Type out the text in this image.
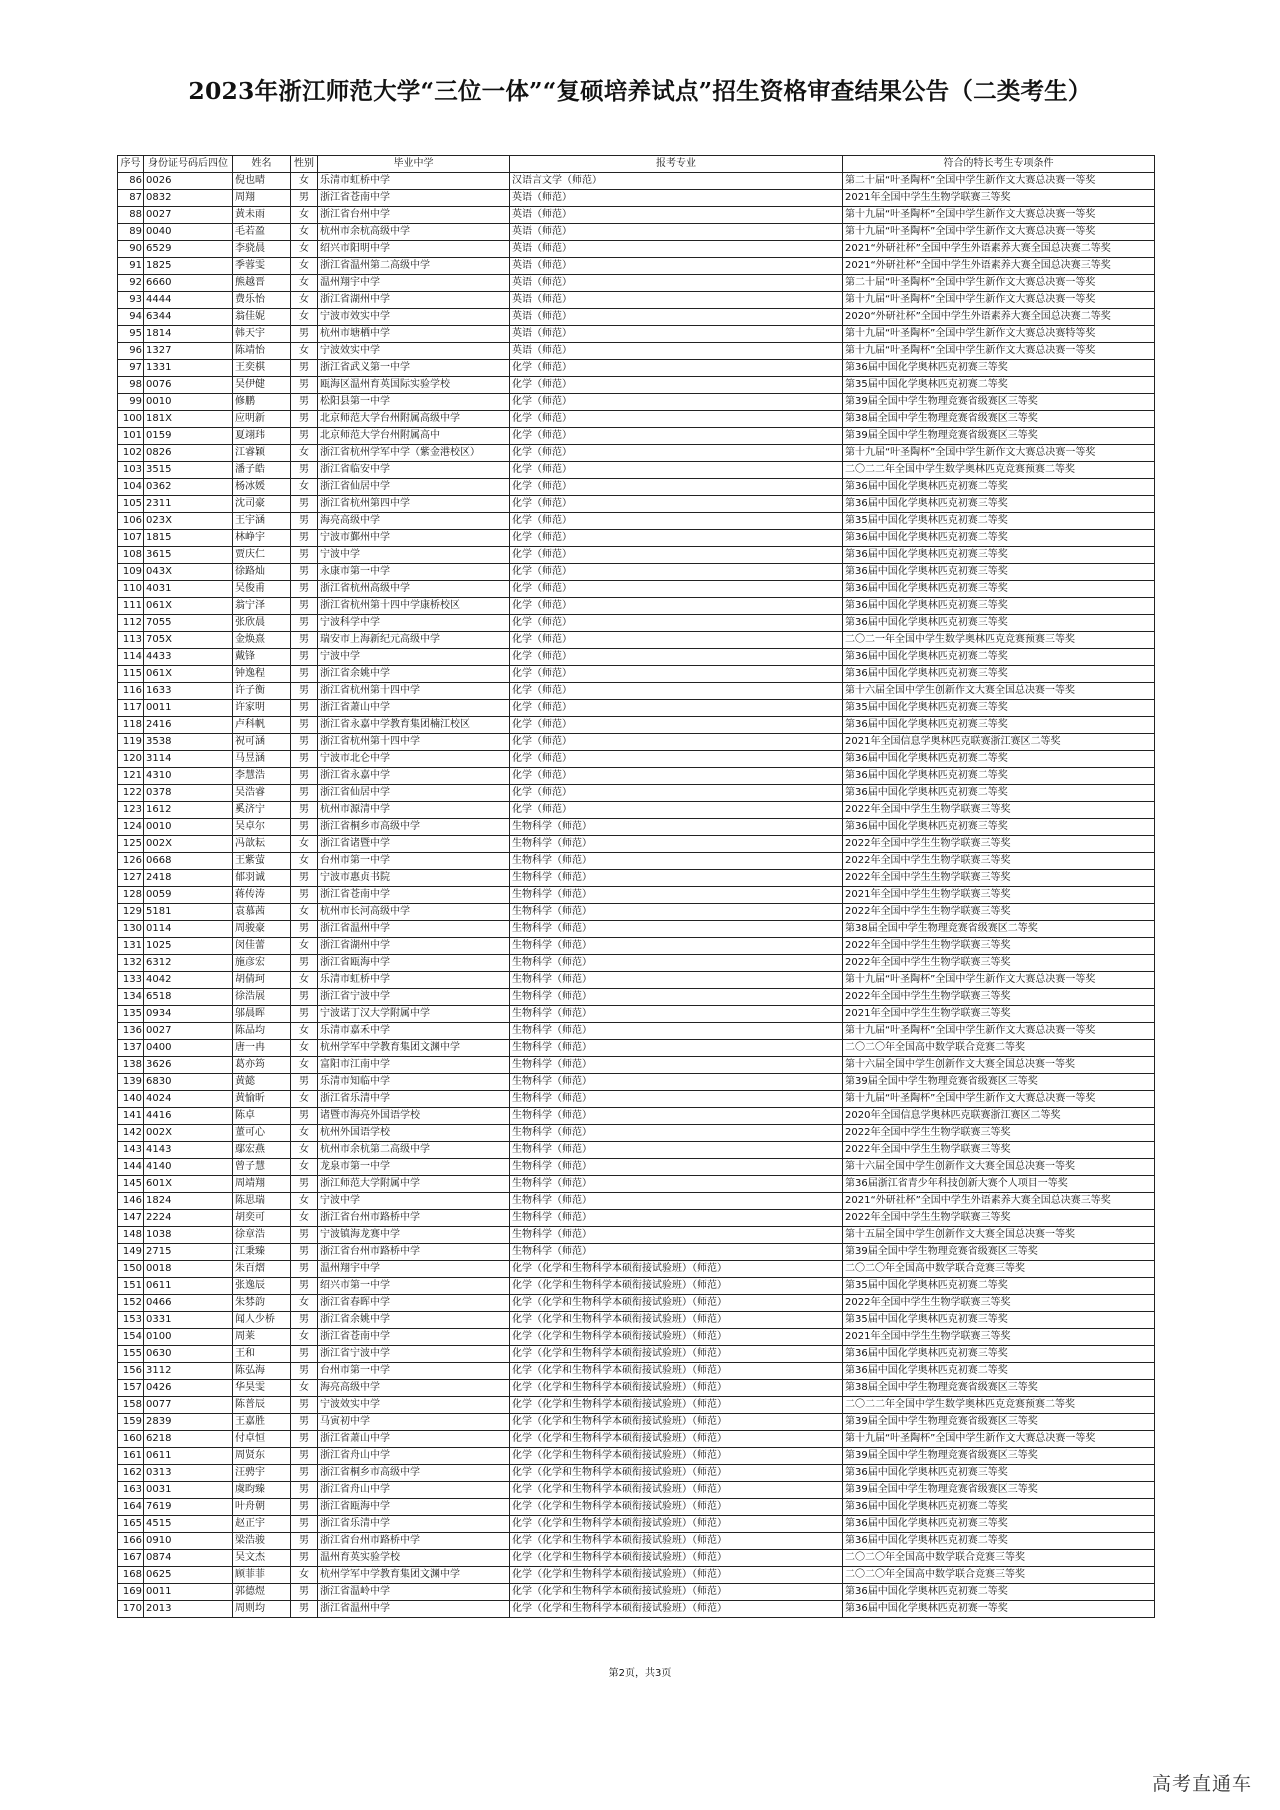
2023年浙江师范大学“三位一体”“复硕培养试点”招生资格审查结果公告（二类考生）
序号	身份证号码后四位	姓名	性别	毕业中学	报考专业	符合的特长考生专项条件
86	0026	倪也晴	女	乐清市虹桥中学	汉语言文学（师范）	第二十届“叶圣陶杯”全国中学生新作文大赛总决赛一等奖
87	0832	周翔	男	浙江省苍南中学	英语（师范）	2021年全国中学生生物学联赛三等奖
88	0027	黄未雨	女	浙江省台州中学	英语（师范）	第十九届“叶圣陶杯”全国中学生新作文大赛总决赛一等奖
89	0040	毛若盈	女	杭州市余杭高级中学	英语（师范）	第十九届“叶圣陶杯”全国中学生新作文大赛总决赛一等奖
90	6529	李骁晨	女	绍兴市阳明中学	英语（师范）	2021“外研社杯”全国中学生外语素养大赛全国总决赛二等奖
91	1825	季蓉雯	女	浙江省温州第二高级中学	英语（师范）	2021“外研社杯”全国中学生外语素养大赛全国总决赛三等奖
92	6660	熊越晋	女	温州翔宇中学	英语（师范）	第二十届“叶圣陶杯”全国中学生新作文大赛总决赛一等奖
93	4444	费乐怡	女	浙江省湖州中学	英语（师范）	第十九届“叶圣陶杯”全国中学生新作文大赛总决赛一等奖
94	6344	翁佳妮	女	宁波市效实中学	英语（师范）	2020“外研社杯”全国中学生外语素养大赛全国总决赛二等奖
95	1814	韩天宇	男	杭州市塘栖中学	英语（师范）	第十九届“叶圣陶杯”全国中学生新作文大赛总决赛特等奖
96	1327	陈靖怡	女	宁波效实中学	英语（师范）	第十九届“叶圣陶杯”全国中学生新作文大赛总决赛一等奖
97	1331	王奕棋	男	浙江省武义第一中学	化学（师范）	第36届中国化学奥林匹克初赛三等奖
98	0076	吴伊健	男	瓯海区温州育英国际实验学校	化学（师范）	第35届中国化学奥林匹克初赛二等奖
99	0010	修鹏	男	松阳县第一中学	化学（师范）	第39届全国中学生物理竞赛省级赛区三等奖
100	181X	应明新	男	北京师范大学台州附属高级中学	化学（师范）	第38届全国中学生物理竞赛省级赛区三等奖
101	0159	夏翊玮	男	北京师范大学台州附属高中	化学（师范）	第39届全国中学生物理竞赛省级赛区三等奖
102	0826	江睿颖	女	浙江省杭州学军中学（紫金港校区）	化学（师范）	第十九届“叶圣陶杯”全国中学生新作文大赛总决赛一等奖
103	3515	潘子皓	男	浙江省临安中学	化学（师范）	二〇二二年全国中学生数学奥林匹克竞赛预赛二等奖
104	0362	杨冰媛	女	浙江省仙居中学	化学（师范）	第36届中国化学奥林匹克初赛二等奖
105	2311	沈司豪	男	浙江省杭州第四中学	化学（师范）	第36届中国化学奥林匹克初赛三等奖
106	023X	王宇涵	男	海亮高级中学	化学（师范）	第35届中国化学奥林匹克初赛二等奖
107	1815	林峥宇	男	宁波市鄞州中学	化学（师范）	第36届中国化学奥林匹克初赛二等奖
108	3615	贾庆仁	男	宁波中学	化学（师范）	第36届中国化学奥林匹克初赛三等奖
109	043X	徐路灿	男	永康市第一中学	化学（师范）	第36届中国化学奥林匹克初赛三等奖
110	4031	吴俊甫	男	浙江省杭州高级中学	化学（师范）	第36届中国化学奥林匹克初赛三等奖
111	061X	翁宁泽	男	浙江省杭州第十四中学康桥校区	化学（师范）	第36届中国化学奥林匹克初赛三等奖
112	7055	张欣晨	男	宁波科学中学	化学（师范）	第36届中国化学奥林匹克初赛三等奖
113	705X	金焕熹	男	瑞安市上海新纪元高级中学	化学（师范）	二〇二一年全国中学生数学奥林匹克竞赛预赛三等奖
114	4433	戴锋	男	宁波中学	化学（师范）	第36届中国化学奥林匹克初赛二等奖
115	061X	钟逸程	男	浙江省余姚中学	化学（师范）	第36届中国化学奥林匹克初赛三等奖
116	1633	许子衡	男	浙江省杭州第十四中学	化学（师范）	第十六届全国中学生创新作文大赛全国总决赛一等奖
117	0011	许家明	男	浙江省萧山中学	化学（师范）	第35届中国化学奥林匹克初赛三等奖
118	2416	卢科帆	男	浙江省永嘉中学教育集团楠江校区	化学（师范）	第36届中国化学奥林匹克初赛三等奖
119	3538	祝可涵	男	浙江省杭州第十四中学	化学（师范）	2021年全国信息学奥林匹克联赛浙江赛区二等奖
120	3114	马昱涵	男	宁波市北仑中学	化学（师范）	第36届中国化学奥林匹克初赛二等奖
121	4310	李慧浩	男	浙江省永嘉中学	化学（师范）	第36届中国化学奥林匹克初赛二等奖
122	0378	吴浩睿	男	浙江省仙居中学	化学（师范）	第36届中国化学奥林匹克初赛二等奖
123	1612	奚济宁	男	杭州市源清中学	化学（师范）	2022年全国中学生生物学联赛三等奖
124	0010	吴卓尔	男	浙江省桐乡市高级中学	生物科学（师范）	第36届中国化学奥林匹克初赛三等奖
125	002X	冯歆耘	女	浙江省诸暨中学	生物科学（师范）	2022年全国中学生生物学联赛三等奖
126	0668	王紫萤	女	台州市第一中学	生物科学（师范）	2022年全国中学生生物学联赛三等奖
127	2418	郁羽诚	男	宁波市惠贞书院	生物科学（师范）	2022年全国中学生生物学联赛三等奖
128	0059	蒋传涛	男	浙江省苍南中学	生物科学（师范）	2021年全国中学生生物学联赛三等奖
129	5181	袁慕茜	女	杭州市长河高级中学	生物科学（师范）	2022年全国中学生生物学联赛三等奖
130	0114	周骏豪	男	浙江省温州中学	生物科学（师范）	第38届全国中学生物理竞赛省级赛区二等奖
131	1025	闵佳蕾	女	浙江省湖州中学	生物科学（师范）	2022年全国中学生生物学联赛三等奖
132	6312	施彦宏	男	浙江省瓯海中学	生物科学（师范）	2022年全国中学生生物学联赛三等奖
133	4042	胡倩珂	女	乐清市虹桥中学	生物科学（师范）	第十九届“叶圣陶杯”全国中学生新作文大赛总决赛一等奖
134	6518	徐浩展	男	浙江省宁波中学	生物科学（师范）	2022年全国中学生生物学联赛三等奖
135	0934	邬晨晖	男	宁波诺丁汉大学附属中学	生物科学（师范）	2021年全国中学生生物学联赛三等奖
136	0027	陈品均	女	乐清市嘉禾中学	生物科学（师范）	第十九届“叶圣陶杯”全国中学生新作文大赛总决赛一等奖
137	0400	唐一冉	女	杭州学军中学教育集团文渊中学	生物科学（师范）	二〇二〇年全国高中数学联合竞赛二等奖
138	3626	葛亦筠	女	富阳市江南中学	生物科学（师范）	第十六届全国中学生创新作文大赛全国总决赛一等奖
139	6830	黄懿	男	乐清市知临中学	生物科学（师范）	第39届全国中学生物理竞赛省级赛区三等奖
140	4024	黄愉昕	女	浙江省乐清中学	生物科学（师范）	第十九届“叶圣陶杯”全国中学生新作文大赛总决赛一等奖
141	4416	陈卓	男	诸暨市海亮外国语学校	生物科学（师范）	2020年全国信息学奥林匹克联赛浙江赛区二等奖
142	002X	董可心	女	杭州外国语学校	生物科学（师范）	2022年全国中学生生物学联赛三等奖
143	4143	鄢宏燕	女	杭州市余杭第二高级中学	生物科学（师范）	2022年全国中学生生物学联赛三等奖
144	4140	曾子慧	女	龙泉市第一中学	生物科学（师范）	第十六届全国中学生创新作文大赛全国总决赛一等奖
145	601X	周靖翔	男	浙江师范大学附属中学	生物科学（师范）	第36届浙江省青少年科技创新大赛个人项目一等奖
146	1824	陈思瑞	女	宁波中学	生物科学（师范）	2021“外研社杯”全国中学生外语素养大赛全国总决赛三等奖
147	2224	胡奕可	女	浙江省台州市路桥中学	生物科学（师范）	2022年全国中学生生物学联赛三等奖
148	1038	徐章浩	男	宁波镇海龙赛中学	生物科学（师范）	第十五届全国中学生创新作文大赛全国总决赛一等奖
149	2715	江秉臻	男	浙江省台州市路桥中学	生物科学（师范）	第39届全国中学生物理竞赛省级赛区三等奖
150	0018	朱百熠	男	温州翔宇中学	化学（化学和生物科学本硕衔接试验班）（师范）	二〇二〇年全国高中数学联合竞赛三等奖
151	0611	张逸辰	男	绍兴市第一中学	化学（化学和生物科学本硕衔接试验班）（师范）	第35届中国化学奥林匹克初赛二等奖
152	0466	朱棼韵	女	浙江省春晖中学	化学（化学和生物科学本硕衔接试验班）（师范）	2022年全国中学生生物学联赛三等奖
153	0331	闻人少桥	男	浙江省余姚中学	化学（化学和生物科学本硕衔接试验班）（师范）	第35届中国化学奥林匹克初赛三等奖
154	0100	周莱	女	浙江省苍南中学	化学（化学和生物科学本硕衔接试验班）（师范）	2021年全国中学生生物学联赛三等奖
155	0630	王和	男	浙江省宁波中学	化学（化学和生物科学本硕衔接试验班）（师范）	第36届中国化学奥林匹克初赛三等奖
156	3112	陈弘海	男	台州市第一中学	化学（化学和生物科学本硕衔接试验班）（师范）	第36届中国化学奥林匹克初赛二等奖
157	0426	华昊雯	女	海亮高级中学	化学（化学和生物科学本硕衔接试验班）（师范）	第38届全国中学生物理竞赛省级赛区三等奖
158	0077	陈普辰	男	宁波效实中学	化学（化学和生物科学本硕衔接试验班）（师范）	二〇二二年全国中学生数学奥林匹克竞赛预赛二等奖
159	2839	王嘉胜	男	马寅初中学	化学（化学和生物科学本硕衔接试验班）（师范）	第39届全国中学生物理竞赛省级赛区三等奖
160	6218	付卓恒	男	浙江省萧山中学	化学（化学和生物科学本硕衔接试验班）（师范）	第十九届“叶圣陶杯”全国中学生新作文大赛总决赛一等奖
161	0611	周贤东	男	浙江省舟山中学	化学（化学和生物科学本硕衔接试验班）（师范）	第39届全国中学生物理竞赛省级赛区三等奖
162	0313	汪骋宇	男	浙江省桐乡市高级中学	化学（化学和生物科学本硕衔接试验班）（师范）	第36届中国化学奥林匹克初赛三等奖
163	0031	虞昀臻	男	浙江省舟山中学	化学（化学和生物科学本硕衔接试验班）（师范）	第39届全国中学生物理竞赛省级赛区三等奖
164	7619	叶舟朝	男	浙江省瓯海中学	化学（化学和生物科学本硕衔接试验班）（师范）	第36届中国化学奥林匹克初赛二等奖
165	4515	赵正宇	男	浙江省乐清中学	化学（化学和生物科学本硕衔接试验班）（师范）	第36届中国化学奥林匹克初赛三等奖
166	0910	梁浩骏	男	浙江省台州市路桥中学	化学（化学和生物科学本硕衔接试验班）（师范）	第36届中国化学奥林匹克初赛二等奖
167	0874	吴文杰	男	温州育英实验学校	化学（化学和生物科学本硕衔接试验班）（师范）	二〇二〇年全国高中数学联合竞赛三等奖
168	0625	顾菲菲	女	杭州学军中学教育集团文渊中学	化学（化学和生物科学本硕衔接试验班）（师范）	二〇二〇年全国高中数学联合竞赛三等奖
169	0011	郭德煜	男	浙江省温岭中学	化学（化学和生物科学本硕衔接试验班）（师范）	第36届中国化学奥林匹克初赛二等奖
170	2013	周则均	男	浙江省温州中学	化学（化学和生物科学本硕衔接试验班）（师范）	第36届中国化学奥林匹克初赛一等奖
第2页，共3页
高考直通车
